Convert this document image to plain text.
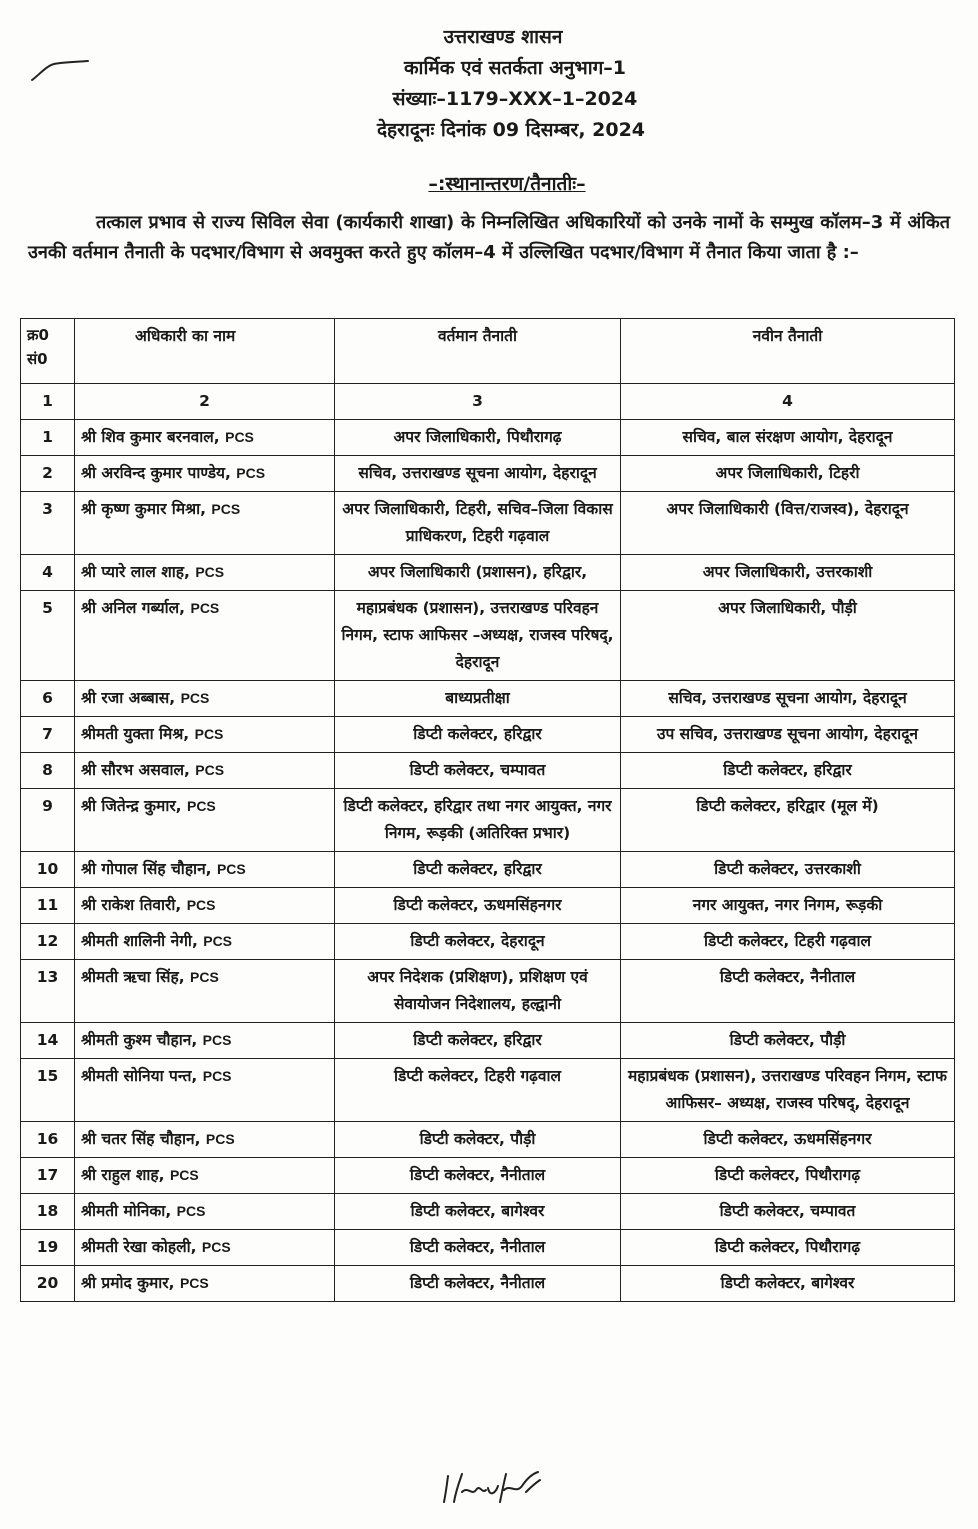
उत्तराखण्ड शासन
कार्मिक एवं सतर्कता अनुभाग–1
संख्याः–1179–XXX–1–2024
देहरादूनः दिनांक 09 दिसम्बर, 2024
–:स्थानान्तरण/तैनातीः–
तत्काल प्रभाव से राज्य सिविल सेवा (कार्यकारी शाखा) के निम्नलिखित अधिकारियों को उनके नामों के सम्मुख कॉलम–3 में अंकित उनकी वर्तमान तैनाती के पदभार/विभाग से अवमुक्त करते हुए कॉलम–4 में उल्लिखित पदभार/विभाग में तैनात किया जाता है :–
क्र0 सं0	अधिकारी का नाम	वर्तमान तैनाती	नवीन तैनाती
1	2	3	4
1	श्री शिव कुमार बरनवाल, PCS	अपर जिलाधिकारी, पिथौरागढ़	सचिव, बाल संरक्षण आयोग, देहरादून
2	श्री अरविन्द कुमार पाण्डेय, PCS	सचिव, उत्तराखण्ड सूचना आयोग, देहरादून	अपर जिलाधिकारी, टिहरी
3	श्री कृष्ण कुमार मिश्रा, PCS	अपर जिलाधिकारी, टिहरी, सचिव–जिला विकास प्राधिकरण, टिहरी गढ़वाल	अपर जिलाधिकारी (वित्त/राजस्व), देहरादून
4	श्री प्यारे लाल शाह, PCS	अपर जिलाधिकारी (प्रशासन), हरिद्वार,	अपर जिलाधिकारी, उत्तरकाशी
5	श्री अनिल गर्ब्याल, PCS	महाप्रबंधक (प्रशासन), उत्तराखण्ड परिवहन निगम, स्टाफ आफिसर –अध्यक्ष, राजस्व परिषद्, देहरादून	अपर जिलाधिकारी, पौड़ी
6	श्री रजा अब्बास, PCS	बाध्यप्रतीक्षा	सचिव, उत्तराखण्ड सूचना आयोग, देहरादून
7	श्रीमती युक्ता मिश्र, PCS	डिप्टी कलेक्टर, हरिद्वार	उप सचिव, उत्तराखण्ड सूचना आयोग, देहरादून
8	श्री सौरभ असवाल, PCS	डिप्टी कलेक्टर, चम्पावत	डिप्टी कलेक्टर, हरिद्वार
9	श्री जितेन्द्र कुमार, PCS	डिप्टी कलेक्टर, हरिद्वार तथा नगर आयुक्त, नगर निगम, रूड़की (अतिरिक्त प्रभार)	डिप्टी कलेक्टर, हरिद्वार (मूल में)
10	श्री गोपाल सिंह चौहान, PCS	डिप्टी कलेक्टर, हरिद्वार	डिप्टी कलेक्टर, उत्तरकाशी
11	श्री राकेश तिवारी, PCS	डिप्टी कलेक्टर, ऊधमसिंहनगर	नगर आयुक्त, नगर निगम, रूड़की
12	श्रीमती शालिनी नेगी, PCS	डिप्टी कलेक्टर, देहरादून	डिप्टी कलेक्टर, टिहरी गढ़वाल
13	श्रीमती ऋचा सिंह, PCS	अपर निदेशक (प्रशिक्षण), प्रशिक्षण एवं सेवायोजन निदेशालय, हल्द्वानी	डिप्टी कलेक्टर, नैनीताल
14	श्रीमती कुश्म चौहान, PCS	डिप्टी कलेक्टर, हरिद्वार	डिप्टी कलेक्टर, पौड़ी
15	श्रीमती सोनिया पन्त, PCS	डिप्टी कलेक्टर, टिहरी गढ़वाल	महाप्रबंधक (प्रशासन), उत्तराखण्ड परिवहन निगम, स्टाफ आफिसर– अध्यक्ष, राजस्व परिषद्, देहरादून
16	श्री चतर सिंह चौहान, PCS	डिप्टी कलेक्टर, पौड़ी	डिप्टी कलेक्टर, ऊधमसिंहनगर
17	श्री राहुल शाह, PCS	डिप्टी कलेक्टर, नैनीताल	डिप्टी कलेक्टर, पिथौरागढ़
18	श्रीमती मोनिका, PCS	डिप्टी कलेक्टर, बागेश्वर	डिप्टी कलेक्टर, चम्पावत
19	श्रीमती रेखा कोहली, PCS	डिप्टी कलेक्टर, नैनीताल	डिप्टी कलेक्टर, पिथौरागढ़
20	श्री प्रमोद कुमार, PCS	डिप्टी कलेक्टर, नैनीताल	डिप्टी कलेक्टर, बागेश्वर
